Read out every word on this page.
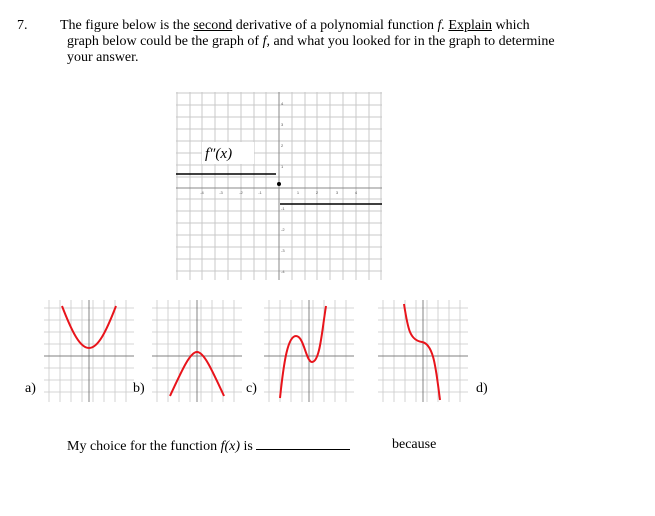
7. The figure below is the second derivative of a polynomial function f. Explain which
graph below could be the graph of f, and what you looked for in the graph to determine
your answer.
-4	-3	-2	-1	1	2	3	4
4
3
2
1
-1
-2
-3
-4
f″(x)
a)	b)	c)	d)
My choice for the function f(x) is	because
